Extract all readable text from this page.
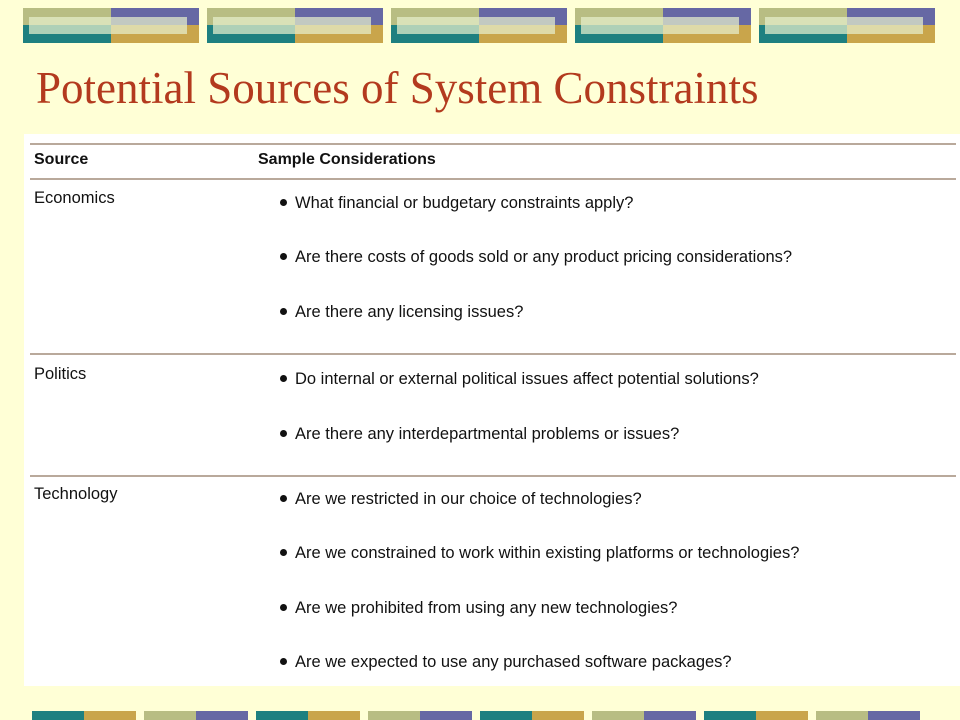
Potential Sources of System Constraints
Source	Sample Considerations
Economics	What financial or budgetary constraints apply?
Are there costs of goods sold or any product pricing considerations?
Are there any licensing issues?
Politics	Do internal or external political issues affect potential solutions?
Are there any interdepartmental problems or issues?
Technology	Are we restricted in our choice of technologies?
Are we constrained to work within existing platforms or technologies?
Are we prohibited from using any new technologies?
Are we expected to use any purchased software packages?
